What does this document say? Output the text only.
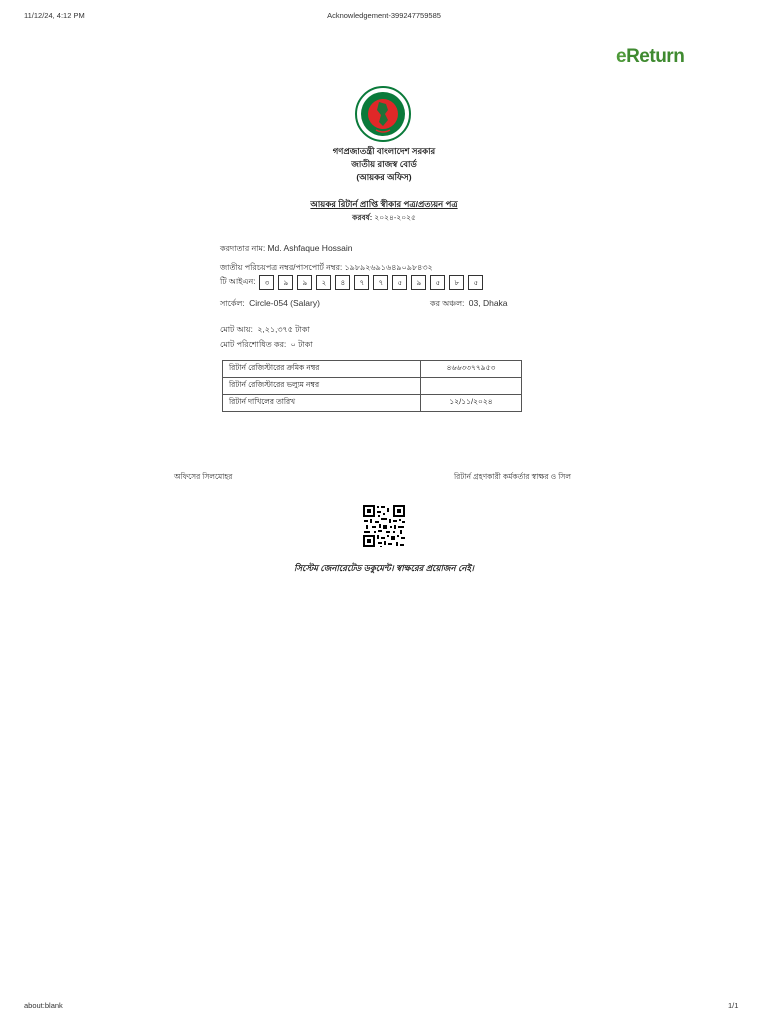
11/12/24, 4:12 PM	Acknowledgement-399247759585
eReturn
গণপ্রজাতন্ত্রী বাংলাদেশ সরকার
জাতীয় রাজস্ব বোর্ড
(আয়কর অফিস)
আয়কর রিটার্ন প্রাপ্তি স্বীকার পত্র/প্রত্যয়ন পত্র
করবর্ষ: ২০২৪-২০২৫
করদাতার নাম: Md. Ashfaque Hossain
জাতীয় পরিচয়পত্র নম্বর/পাসপোর্ট নম্বর: ১৯৮৯২৬৯১৬৪৯০৯৮৪৩২
টি আইএন:	৩	৯	৯	২	৪	৭	৭	৫	৯	৫	৮	৫
সার্কেল: Circle-054 (Salary)	কর অঞ্চল: 03, Dhaka
মোট আয়: ২,২১,৩৭৫ টাকা
মোট পরিশোধিত কর: ০ টাকা
রিটার্ন রেজিস্টারের ক্রমিক নম্বর	৪৬৬৩৩৭৭৯৫৩
রিটার্ন রেজিস্টারের ভল্যুম নম্বর	
রিটার্ন দাখিলের তারিখ	১২/১১/২০২৪
অফিসের সিলমোহর	রিটার্ন গ্রহণকারী কর্মকর্তার স্বাক্ষর ও সিল
সিস্টেম জেনারেটেড ডকুমেন্ট। স্বাক্ষরের প্রয়োজন নেই।
about:blank	1/1
